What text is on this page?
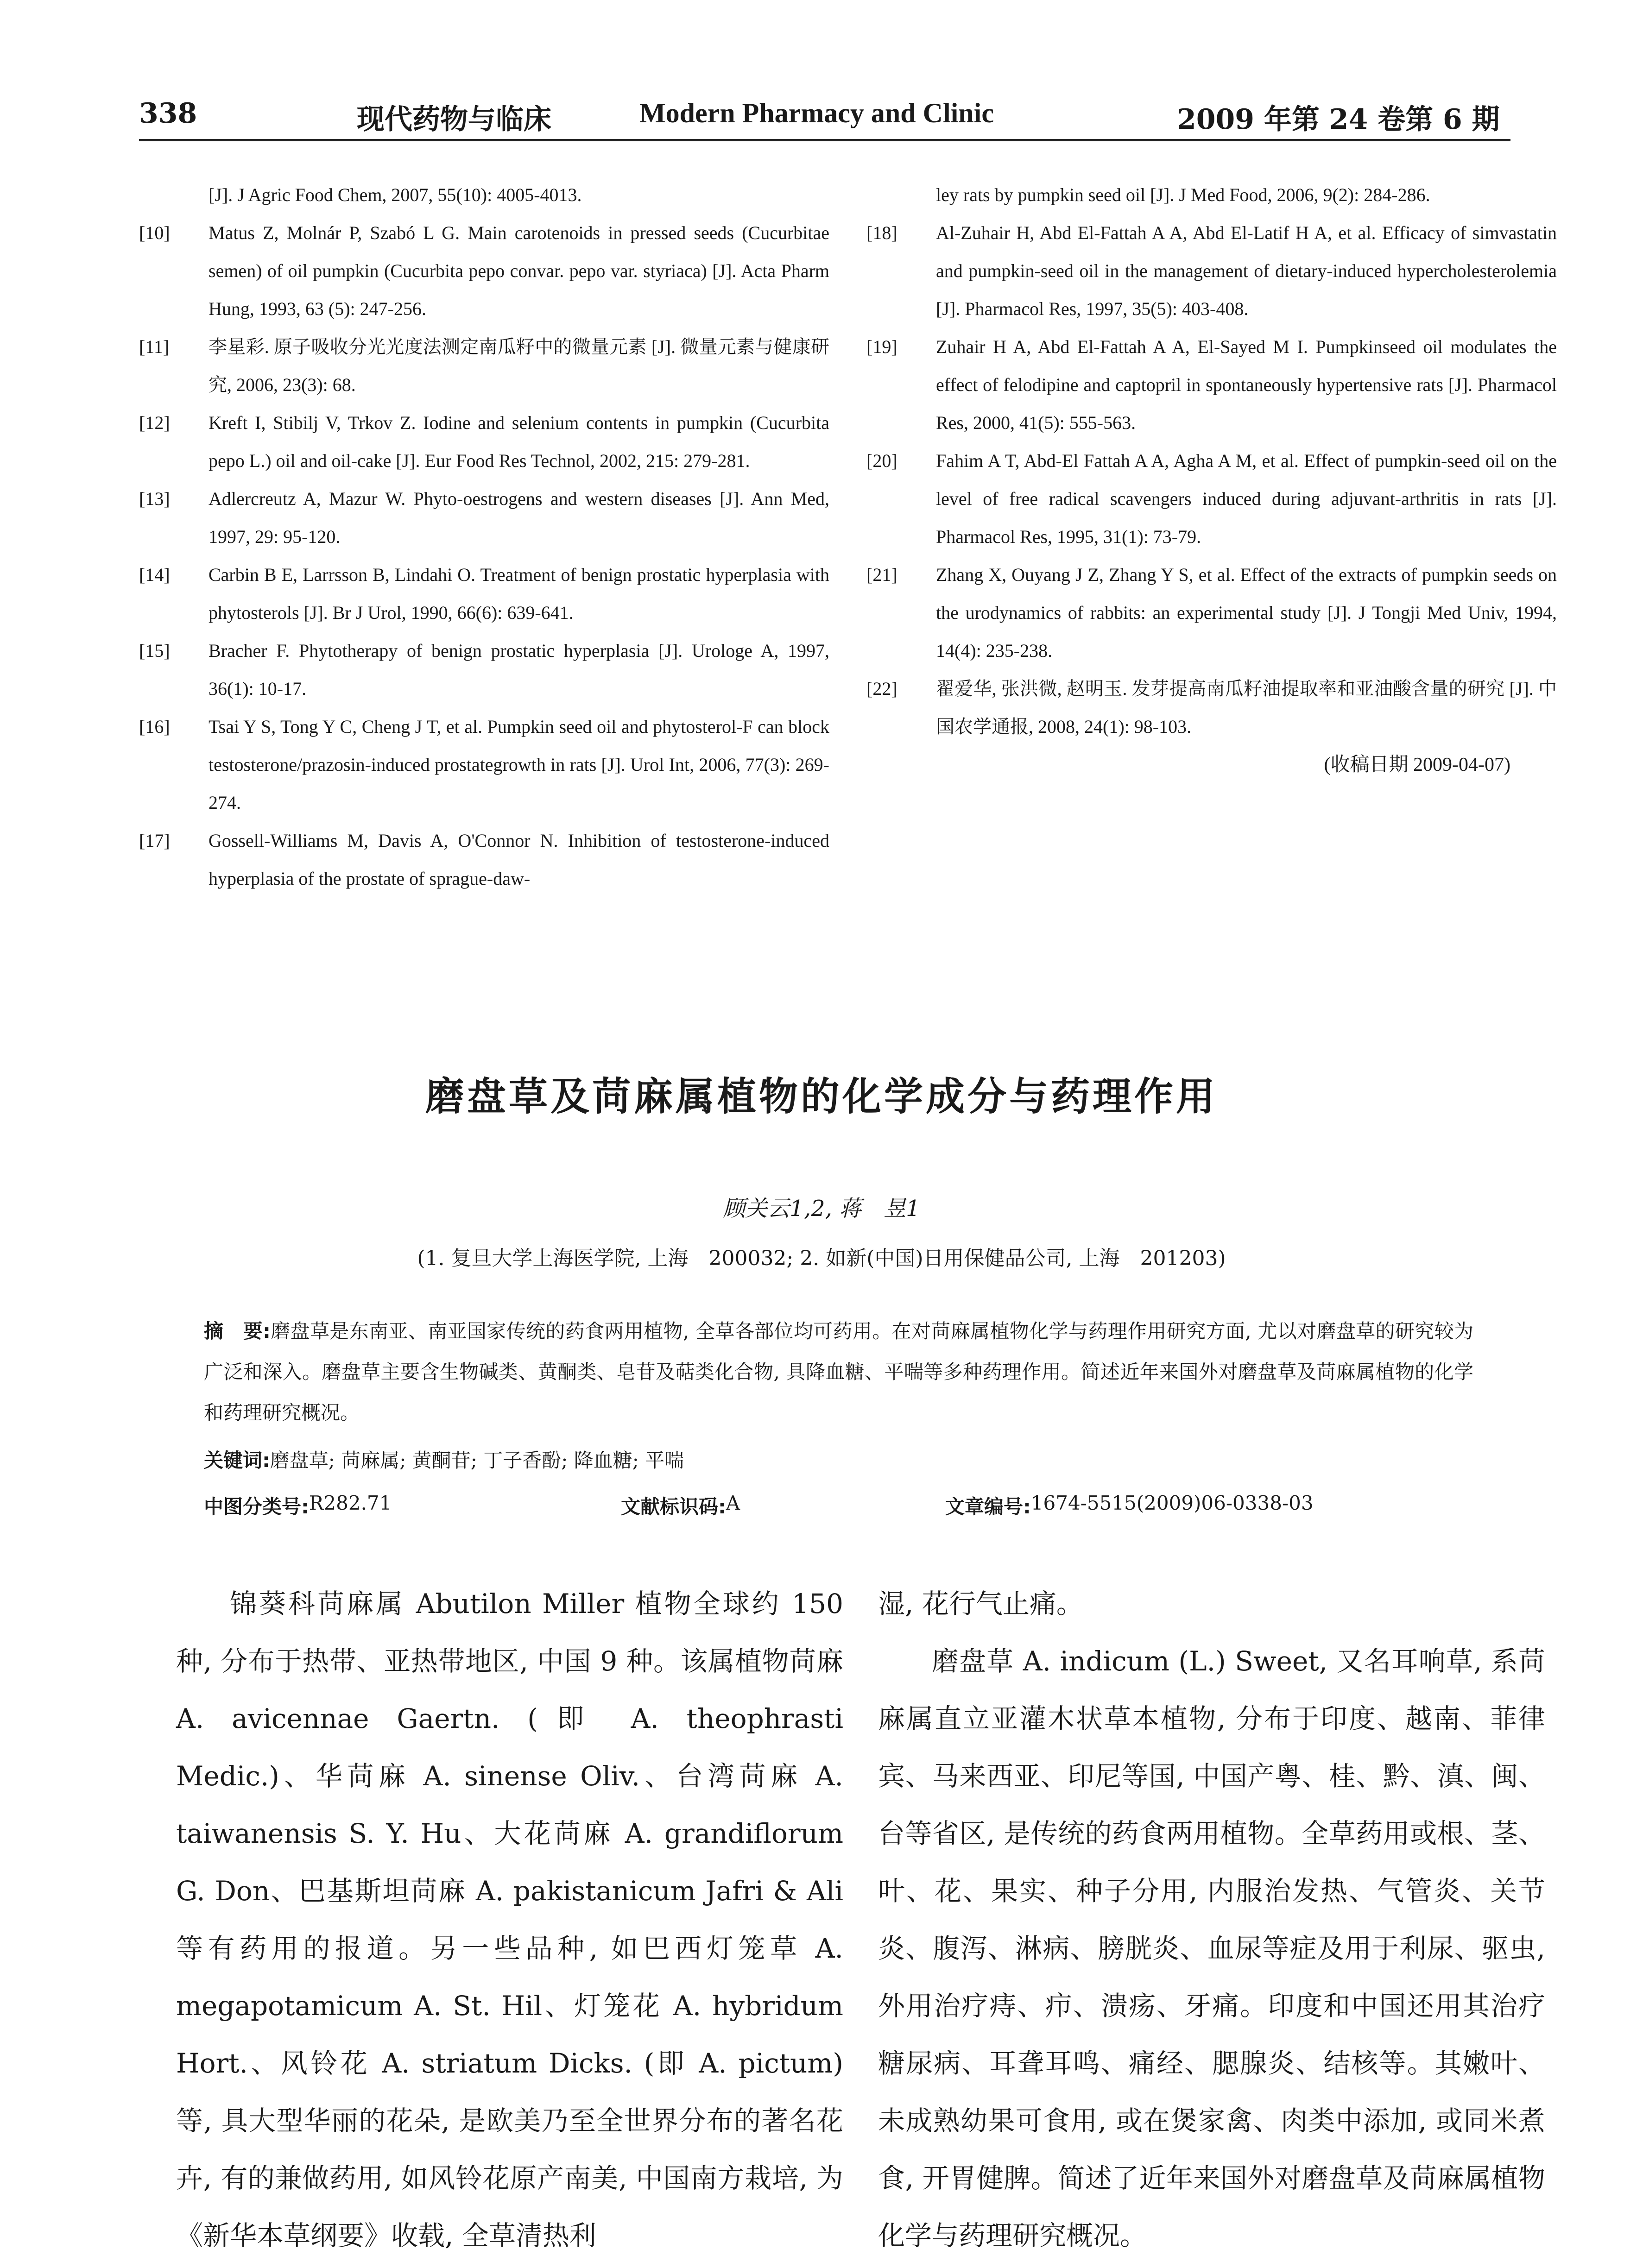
338	现代药物与临床	Modern Pharmacy and Clinic	2009 年第 24 卷第 6 期
[J]. J Agric Food Chem, 2007, 55(10): 4005-4013.
[10]	Matus Z, Molnár P, Szabó L G. Main carotenoids in pressed seeds (Cucurbitae semen) of oil pumpkin (Cucurbita pepo convar. pepo var. styriaca) [J]. Acta Pharm Hung, 1993, 63 (5): 247-256.
[11]	李星彩. 原子吸收分光光度法测定南瓜籽中的微量元素 [J]. 微量元素与健康研究, 2006, 23(3): 68.
[12]	Kreft I, Stibilj V, Trkov Z. Iodine and selenium contents in pumpkin (Cucurbita pepo L.) oil and oil-cake [J]. Eur Food Res Technol, 2002, 215: 279-281.
[13]	Adlercreutz A, Mazur W. Phyto-oestrogens and western diseases [J]. Ann Med, 1997, 29: 95-120.
[14]	Carbin B E, Larrsson B, Lindahi O. Treatment of benign prostatic hyperplasia with phytosterols [J]. Br J Urol, 1990, 66(6): 639-641.
[15]	Bracher F. Phytotherapy of benign prostatic hyperplasia [J]. Urologe A, 1997, 36(1): 10-17.
[16]	Tsai Y S, Tong Y C, Cheng J T, et al. Pumpkin seed oil and phytosterol-F can block testosterone/prazosin-induced prostategrowth in rats [J]. Urol Int, 2006, 77(3): 269-274.
[17]	Gossell-Williams M, Davis A, O'Connor N. Inhibition of testosterone-induced hyperplasia of the prostate of sprague-daw-
ley rats by pumpkin seed oil [J]. J Med Food, 2006, 9(2): 284-286.
[18]	Al-Zuhair H, Abd El-Fattah A A, Abd El-Latif H A, et al. Efficacy of simvastatin and pumpkin-seed oil in the management of dietary-induced hypercholesterolemia [J]. Pharmacol Res, 1997, 35(5): 403-408.
[19]	Zuhair H A, Abd El-Fattah A A, El-Sayed M I. Pumpkinseed oil modulates the effect of felodipine and captopril in spontaneously hypertensive rats [J]. Pharmacol Res, 2000, 41(5): 555-563.
[20]	Fahim A T, Abd-El Fattah A A, Agha A M, et al. Effect of pumpkin-seed oil on the level of free radical scavengers induced during adjuvant-arthritis in rats [J]. Pharmacol Res, 1995, 31(1): 73-79.
[21]	Zhang X, Ouyang J Z, Zhang Y S, et al. Effect of the extracts of pumpkin seeds on the urodynamics of rabbits: an experimental study [J]. J Tongji Med Univ, 1994, 14(4): 235-238.
[22]	翟爱华, 张洪微, 赵明玉. 发芽提高南瓜籽油提取率和亚油酸含量的研究 [J]. 中国农学通报, 2008, 24(1): 98-103.
(收稿日期 2009-04-07)
磨盘草及苘麻属植物的化学成分与药理作用
顾关云1,2, 蒋　昱1
(1. 复旦大学上海医学院, 上海　200032; 2. 如新(中国)日用保健品公司, 上海　201203)
摘　要:磨盘草是东南亚、南亚国家传统的药食两用植物, 全草各部位均可药用。在对苘麻属植物化学与药理作用研究方面, 尤以对磨盘草的研究较为广泛和深入。磨盘草主要含生物碱类、黄酮类、皂苷及萜类化合物, 具降血糖、平喘等多种药理作用。简述近年来国外对磨盘草及苘麻属植物的化学和药理研究概况。
关键词:磨盘草; 苘麻属; 黄酮苷; 丁子香酚; 降血糖; 平喘
中图分类号: R282.71	文献标识码: A	文章编号: 1674-5515(2009)06-0338-03

锦葵科苘麻属 Abutilon Miller 植物全球约 150 种, 分布于热带、亚热带地区, 中国 9 种。该属植物苘麻 A. avicennae Gaertn. (即 A. theophrasti Medic.)、华苘麻 A. sinense Oliv.、台湾苘麻 A. taiwanensis S. Y. Hu、大花苘麻 A. grandiflorum G. Don、巴基斯坦苘麻 A. pakistanicum Jafri & Ali 等有药用的报道。另一些品种, 如巴西灯笼草 A. megapotamicum A. St. Hil、灯笼花 A. hybridum Hort.、风铃花 A. striatum Dicks. (即 A. pictum) 等, 具大型华丽的花朵, 是欧美乃至全世界分布的著名花卉, 有的兼做药用, 如风铃花原产南美, 中国南方栽培, 为《新华本草纲要》收载, 全草清热利

湿, 花行气止痛。

磨盘草 A. indicum (L.) Sweet, 又名耳响草, 系苘麻属直立亚灌木状草本植物, 分布于印度、越南、菲律宾、马来西亚、印尼等国, 中国产粤、桂、黔、滇、闽、台等省区, 是传统的药食两用植物。全草药用或根、茎、叶、花、果实、种子分用, 内服治发热、气管炎、关节炎、腹泻、淋病、膀胱炎、血尿等症及用于利尿、驱虫, 外用治疗痔、疖、溃疡、牙痛。印度和中国还用其治疗糖尿病、耳聋耳鸣、痛经、腮腺炎、结核等。其嫩叶、未成熟幼果可食用, 或在煲家禽、肉类中添加, 或同米煮食, 开胃健脾。简述了近年来国外对磨盘草及苘麻属植物化学与药理研究概况。
